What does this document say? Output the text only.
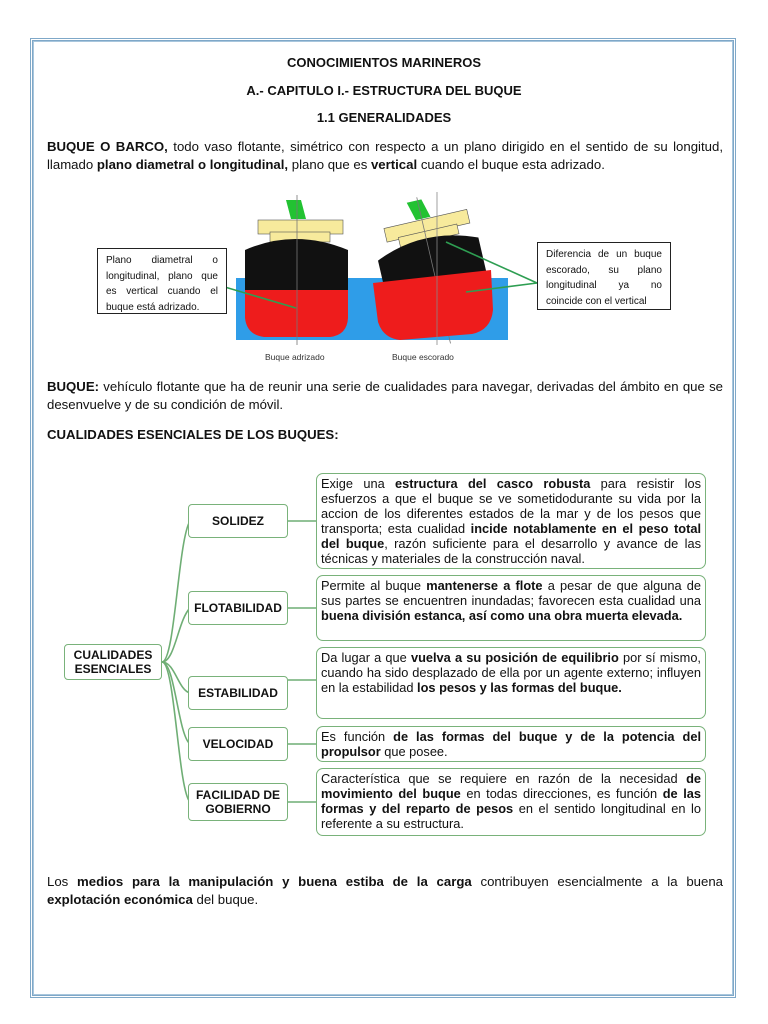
CONOCIMIENTOS MARINEROS
A.- CAPITULO I.- ESTRUCTURA DEL BUQUE
1.1 GENERALIDADES
BUQUE O BARCO, todo vaso flotante, simétrico con respecto a un plano dirigido en el sentido de su longitud, llamado plano diametral o longitudinal, plano que es vertical cuando el buque esta adrizado.
Plano diametral o longitudinal, plano que es vertical cuando el buque está adrizado.
Diferencia de un buque escorado, su plano longitudinal ya no coincide con el vertical
Buque adrizado	Buque escorado
BUQUE: vehículo flotante que ha de reunir una serie de cualidades para navegar, derivadas del ámbito en que se desenvuelve y de su condición de móvil.
CUALIDADES ESENCIALES DE LOS BUQUES:
CUALIDADES ESENCIALES
SOLIDEZ
FLOTABILIDAD
ESTABILIDAD
VELOCIDAD
FACILIDAD DE GOBIERNO
Exige una estructura del casco robusta para resistir los esfuerzos a que el buque se ve sometidodurante su vida por la accion de los diferentes estados de la mar y de los pesos que transporta; esta cualidad incide notablamente en el peso total del buque, razón suficiente para el desarrollo y avance de las técnicas y materiales de la construcción naval.
Permite al buque mantenerse a flote a pesar de que alguna de sus partes se encuentren inundadas; favorecen esta cualidad una buena división estanca, así como una obra muerta elevada.
Da lugar a que vuelva a su posición de equilibrio por sí mismo, cuando ha sido desplazado de ella por un agente externo; influyen en la estabilidad los pesos y las formas del buque.
Es función de las formas del buque y de la potencia del propulsor que posee.
Característica que se requiere en razón de la necesidad de movimiento del buque en todas direcciones, es función de las formas y del reparto de pesos en el sentido longitudinal en lo referente a su estructura.
Los medios para la manipulación y buena estiba de la carga contribuyen esencialmente a la buena explotación económica del buque.
